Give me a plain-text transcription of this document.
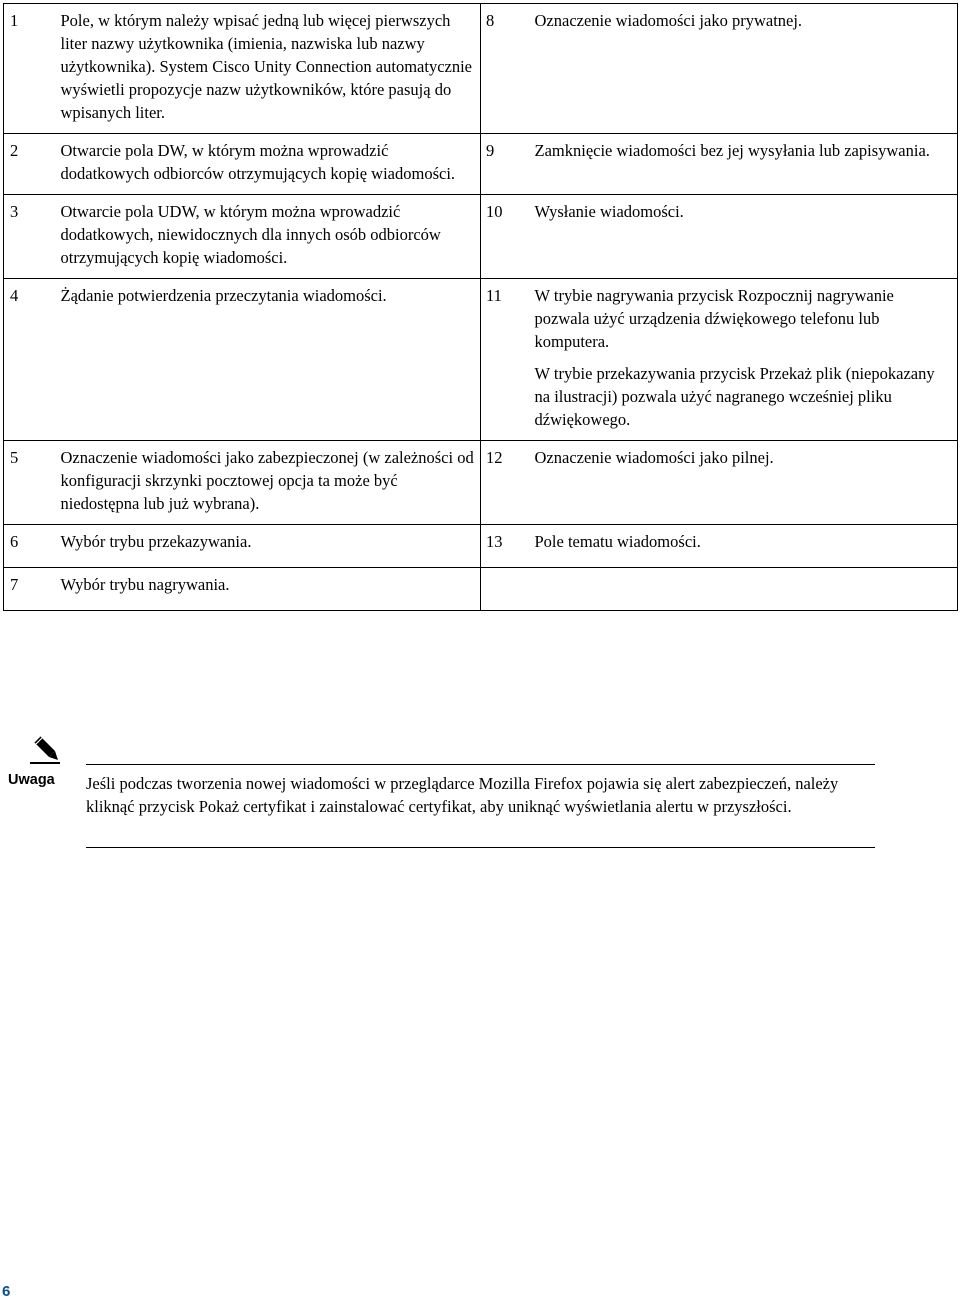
1	Pole, w którym należy wpisać jedną lub więcej pierwszych liter nazwy użytkownika (imienia, nazwiska lub nazwy użytkownika). System Cisco Unity Connection automatycznie wyświetli propozycje nazw użytkowników, które pasują do wpisanych liter.	8	Oznaczenie wiadomości jako prywatnej.

2	Otwarcie pola DW, w którym można wprowadzić dodatkowych odbiorców otrzymujących kopię wiadomości.	9	Zamknięcie wiadomości bez jej wysyłania lub zapisywania.

3	Otwarcie pola UDW, w którym można wprowadzić dodatkowych, niewidocznych dla innych osób odbiorców otrzymujących kopię wiadomości.	10	Wysłanie wiadomości.

4	Żądanie potwierdzenia przeczytania wiadomości.	11	W trybie nagrywania przycisk Rozpocznij nagrywanie pozwala użyć urządzenia dźwiękowego telefonu lub komputera.
W trybie przekazywania przycisk Przekaż plik (niepokazany na ilustracji) pozwala użyć nagranego wcześniej pliku dźwiękowego.

5	Oznaczenie wiadomości jako zabezpieczonej (w zależności od konfiguracji skrzynki pocztowej opcja ta może być niedostępna lub już wybrana).	12	Oznaczenie wiadomości jako pilnej.

6	Wybór trybu przekazywania.	13	Pole tematu wiadomości.

7	Wybór trybu nagrywania.		

Uwaga Jeśli podczas tworzenia nowej wiadomości w przeglądarce Mozilla Firefox pojawia się alert zabezpieczeń, należy kliknąć przycisk Pokaż certyfikat i zainstalować certyfikat, aby uniknąć wyświetlania alertu w przyszłości.
6
